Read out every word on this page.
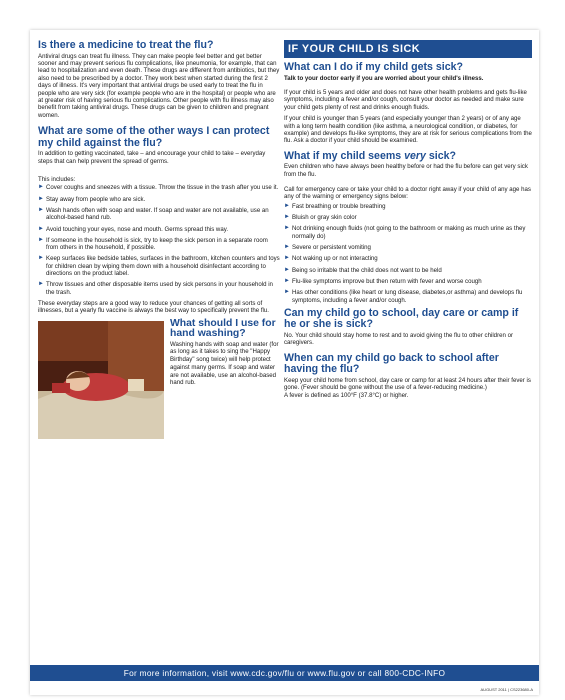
Is there a medicine to treat the flu?

Antiviral drugs can treat flu illness. They can make people feel better and get better sooner and may prevent serious flu complications, like pneumonia, for example, that can lead to hospitalization and even death. These drugs are different from antibiotics, but they also need to be prescribed by a doctor. They work best when started during the first 2 days of illness. It's very important that antiviral drugs be used early to treat the flu in people who are very sick (for example people who are in the hospital) or people who are at greater risk of having serious flu complications. Other people with flu illness may also benefit from taking antiviral drugs. These drugs can be given to children and pregnant women.

What are some of the other ways I can protect my child against the flu?

In addition to getting vaccinated, take – and encourage your child to take – everyday steps that can help prevent the spread of germs.

This includes:

► Cover coughs and sneezes with a tissue. Throw the tissue in the trash after you use it.
► Stay away from people who are sick.
► Wash hands often with soap and water. If soap and water are not available, use an alcohol-based hand rub.
► Avoid touching your eyes, nose and mouth. Germs spread this way.
► If someone in the household is sick, try to keep the sick person in a separate room from others in the household, if possible.
► Keep surfaces like bedside tables, surfaces in the bathroom, kitchen counters and toys for children clean by wiping them down with a household disinfectant according to directions on the product label.
► Throw tissues and other disposable items used by sick persons in your household in the trash.

These everyday steps are a good way to reduce your chances of getting all sorts of illnesses, but a yearly flu vaccine is always the best way to specifically prevent the flu.

What should I use for hand washing?

Washing hands with soap and water (for as long as it takes to sing the "Happy Birthday" song twice) will help protect against many germs. If soap and water are not available, use an alcohol-based hand rub.

IF YOUR CHILD IS SICK
What can I do if my child gets sick?

Talk to your doctor early if you are worried about your child's illness.

If your child is 5 years and older and does not have other health problems and gets flu-like symptoms, including a fever and/or cough, consult your doctor as needed and make sure your child gets plenty of rest and drinks enough fluids.

If your child is younger than 5 years (and especially younger than 2 years) or of any age with a long term health condition (like asthma, a neurological condition, or diabetes, for example) and develops flu-like symptoms, they are at risk for serious complications from the flu. Ask a doctor if your child should be examined.

What if my child seems very sick?

Even children who have always been healthy before or had the flu before can get very sick from the flu.

Call for emergency care or take your child to a doctor right away if your child of any age has any of the warning or emergency signs below:

► Fast breathing or trouble breathing
► Bluish or gray skin color
► Not drinking enough fluids (not going to the bathroom or making as much urine as they normally do)
► Severe or persistent vomiting
► Not waking up or not interacting
► Being so irritable that the child does not want to be held
► Flu-like symptoms improve but then return with fever and worse cough
► Has other conditions (like heart or lung disease, diabetes,or asthma) and develops flu symptoms, including a fever and/or cough.
Can my child go to school, day care or camp if he or she is sick?

No. Your child should stay home to rest and to avoid giving the flu to other children or caregivers.

When can my child go back to school after having the flu?

Keep your child home from school, day care or camp for at least 24 hours after their fever is gone. (Fever should be gone without the use of a fever-reducing medicine.)

A fever is defined as 100°F (37.8°C) or higher.

For more information, visit www.cdc.gov/flu or www.flu.gov or call 800-CDC-INFO
AUGUST 2011 | CS223680-A
